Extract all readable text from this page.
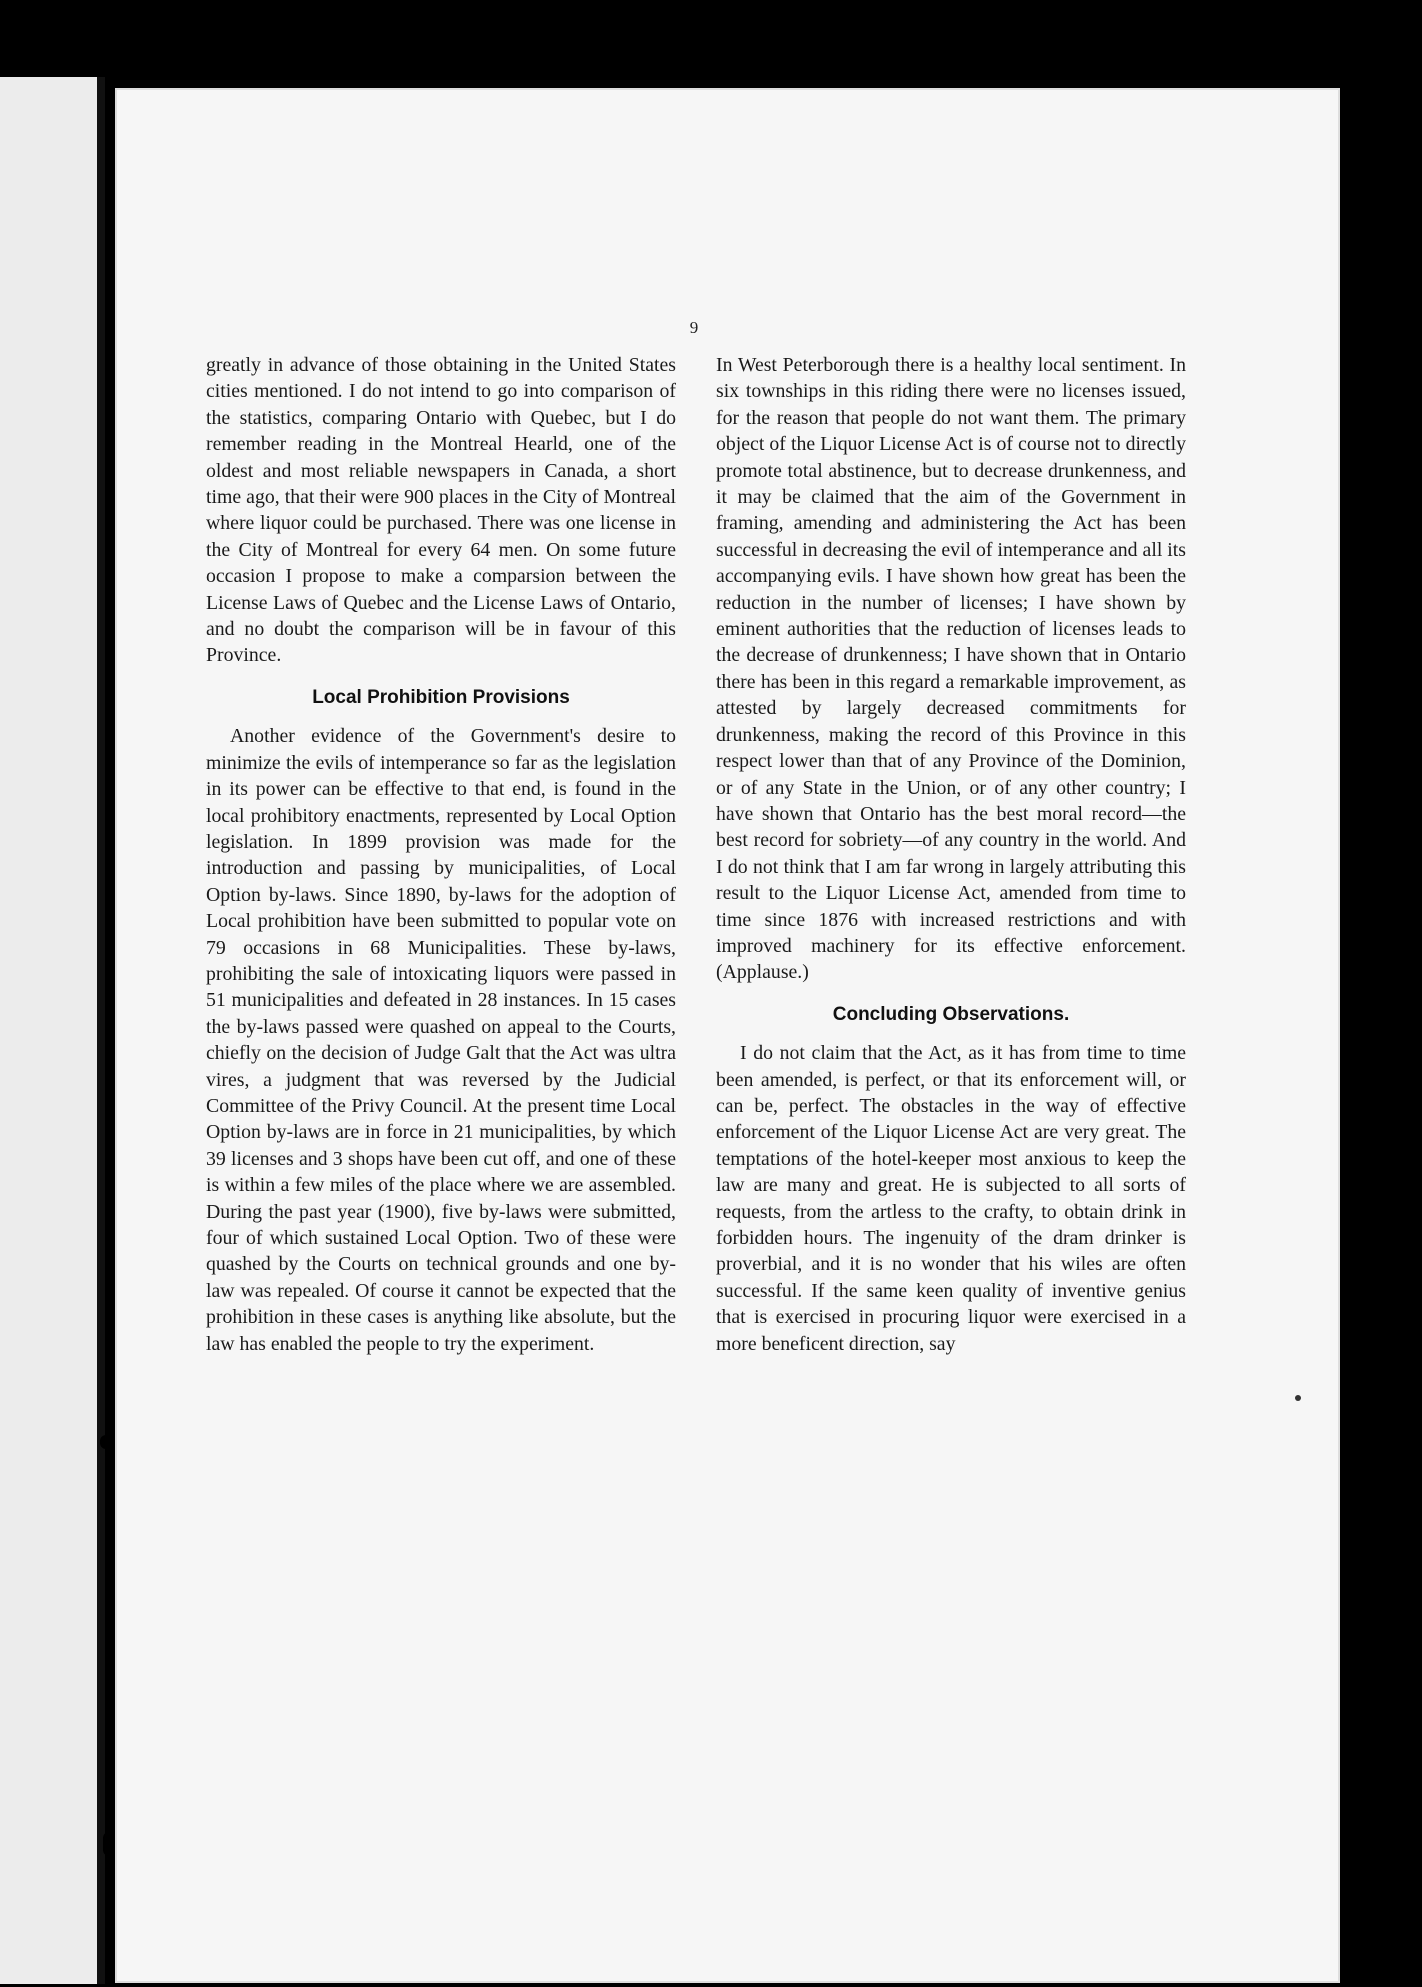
9

greatly in advance of those obtaining in the United States cities mentioned. I do not intend to go into comparison of the statistics, comparing Ontario with Quebec, but I do remember reading in the Montreal Hearld, one of the oldest and most reliable newspapers in Canada, a short time ago, that their were 900 places in the City of Montreal where liquor could be purchased. There was one license in the City of Montreal for every 64 men. On some future occasion I propose to make a comparsion between the License Laws of Quebec and the License Laws of Ontario, and no doubt the comparison will be in favour of this Province.

Local Prohibition Provisions

Another evidence of the Government's desire to minimize the evils of intemperance so far as the legislation in its power can be effective to that end, is found in the local prohibitory enactments, represented by Local Option legislation. In 1899 provision was made for the introduction and passing by municipalities, of Local Option by-laws. Since 1890, by-laws for the adoption of Local prohibition have been submitted to popular vote on 79 occasions in 68 Municipalities. These by-laws, prohibiting the sale of intoxicating liquors were passed in 51 municipalities and defeated in 28 instances. In 15 cases the by-laws passed were quashed on appeal to the Courts, chiefly on the decision of Judge Galt that the Act was ultra vires, a judgment that was reversed by the Judicial Committee of the Privy Council. At the present time Local Option by-laws are in force in 21 municipalities, by which 39 licenses and 3 shops have been cut off, and one of these is within a few miles of the place where we are assembled. During the past year (1900), five by-laws were submitted, four of which sustained Local Option. Two of these were quashed by the Courts on technical grounds and one by-law was repealed. Of course it cannot be expected that the prohibition in these cases is anything like absolute, but the law has enabled the people to try the experiment.

In West Peterborough there is a healthy local sentiment. In six townships in this riding there were no licenses issued, for the reason that people do not want them. The primary object of the Liquor License Act is of course not to directly promote total abstinence, but to decrease drunkenness, and it may be claimed that the aim of the Government in framing, amending and administering the Act has been successful in decreasing the evil of intemperance and all its accompanying evils. I have shown how great has been the reduction in the number of licenses; I have shown by eminent authorities that the reduction of licenses leads to the decrease of drunkenness; I have shown that in Ontario there has been in this regard a remarkable improvement, as attested by largely decreased commitments for drunkenness, making the record of this Province in this respect lower than that of any Province of the Dominion, or of any State in the Union, or of any other country; I have shown that Ontario has the best moral record—the best record for sobriety—of any country in the world. And I do not think that I am far wrong in largely attributing this result to the Liquor License Act, amended from time to time since 1876 with increased restrictions and with improved machinery for its effective enforcement. (Applause.)

Concluding Observations.

I do not claim that the Act, as it has from time to time been amended, is perfect, or that its enforcement will, or can be, perfect. The obstacles in the way of effective enforcement of the Liquor License Act are very great. The temptations of the hotel-keeper most anxious to keep the law are many and great. He is subjected to all sorts of requests, from the artless to the crafty, to obtain drink in forbidden hours. The ingenuity of the dram drinker is proverbial, and it is no wonder that his wiles are often successful. If the same keen quality of inventive genius that is exercised in procuring liquor were exercised in a more beneficent direction, say
